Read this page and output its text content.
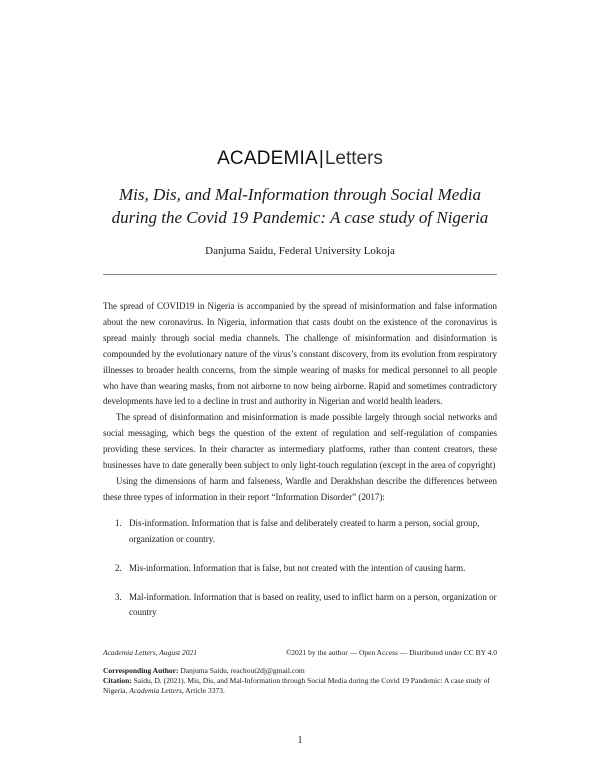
ACADEMIA|Letters
Mis, Dis, and Mal-Information through Social Media
during the Covid 19 Pandemic: A case study of Nigeria
Danjuma Saidu, Federal University Lokoja

The spread of COVID19 in Nigeria is accompanied by the spread of misinformation and false information about the new coronavirus. In Nigeria, information that casts doubt on the existence of the coronavirus is spread mainly through social media channels. The challenge of misinformation and disinformation is compounded by the evolutionary nature of the virus’s constant discovery, from its evolution from respiratory illnesses to broader health concerns, from the simple wearing of masks for medical personnel to all people who have than wearing masks, from not airborne to now being airborne. Rapid and sometimes contradictory developments have led to a decline in trust and authority in Nigerian and world health leaders.

The spread of disinformation and misinformation is made possible largely through social networks and social messaging, which begs the question of the extent of regulation and self-regulation of companies providing these services. In their character as intermediary platforms, rather than content creators, these businesses have to date generally been subject to only light-touch regulation (except in the area of copyright)

Using the dimensions of harm and falseness, Wardle and Derakhshan describe the differences between these three types of information in their report “Information Disorder” (2017):

1. Dis-information. Information that is false and deliberately created to harm a person, social group, organization or country.
2. Mis-information. Information that is false, but not created with the intention of causing harm.
3. Mal-information. Information that is based on reality, used to inflict harm on a person, organization or country
Academia Letters, August 2021	©2021 by the author — Open Access — Distributed under CC BY 4.0
Corresponding Author: Danjuma Saidu, reachout2dj@gmail.com
Citation: Saidu, D. (2021). Mis, Dis, and Mal-Information through Social Media during the Covid 19 Pandemic: A case study of Nigeria. Academia Letters, Article 3373.
1
